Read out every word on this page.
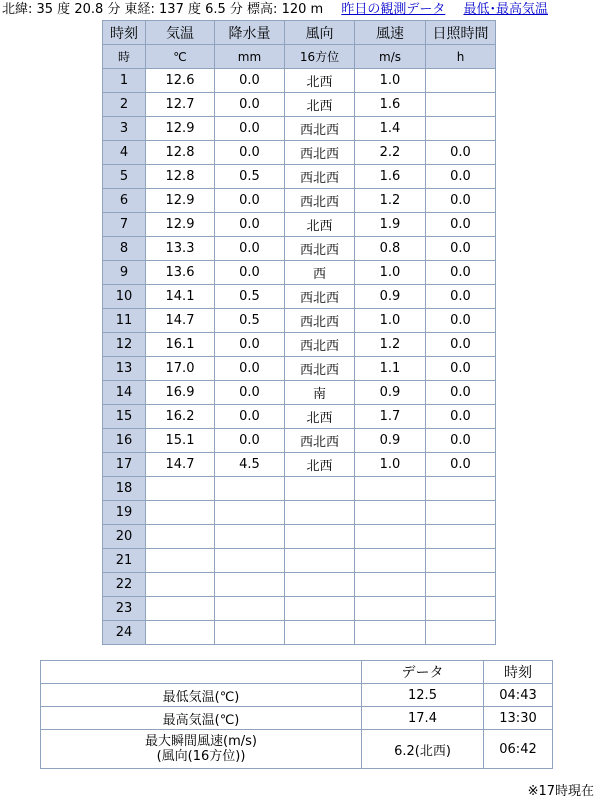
北緯: 35 度 20.8 分 東経: 137 度 6.5 分 標高: 120 m 昨日の観測データ 最低･最高気温
時刻	気温	降水量	風向	風速	日照時間
時	℃	mm	16方位	m/s	h
1	12.6	0.0	北西	1.0	
2	12.7	0.0	北西	1.6	
3	12.9	0.0	西北西	1.4	
4	12.8	0.0	西北西	2.2	0.0
5	12.8	0.5	西北西	1.6	0.0
6	12.9	0.0	西北西	1.2	0.0
7	12.9	0.0	北西	1.9	0.0
8	13.3	0.0	西北西	0.8	0.0
9	13.6	0.0	西	1.0	0.0
10	14.1	0.5	西北西	0.9	0.0
11	14.7	0.5	西北西	1.0	0.0
12	16.1	0.0	西北西	1.2	0.0
13	17.0	0.0	西北西	1.1	0.0
14	16.9	0.0	南	0.9	0.0
15	16.2	0.0	北西	1.7	0.0
16	15.1	0.0	西北西	0.9	0.0
17	14.7	4.5	北西	1.0	0.0
18					
19					
20					
21					
22					
23					
24					
	データ	時刻

最低気温(℃)	12.5	04:43

最高気温(℃)	17.4	13:30

最大瞬間風速(m/s)
(風向(16方位))	6.2(北西)	06:42
※17時現在
